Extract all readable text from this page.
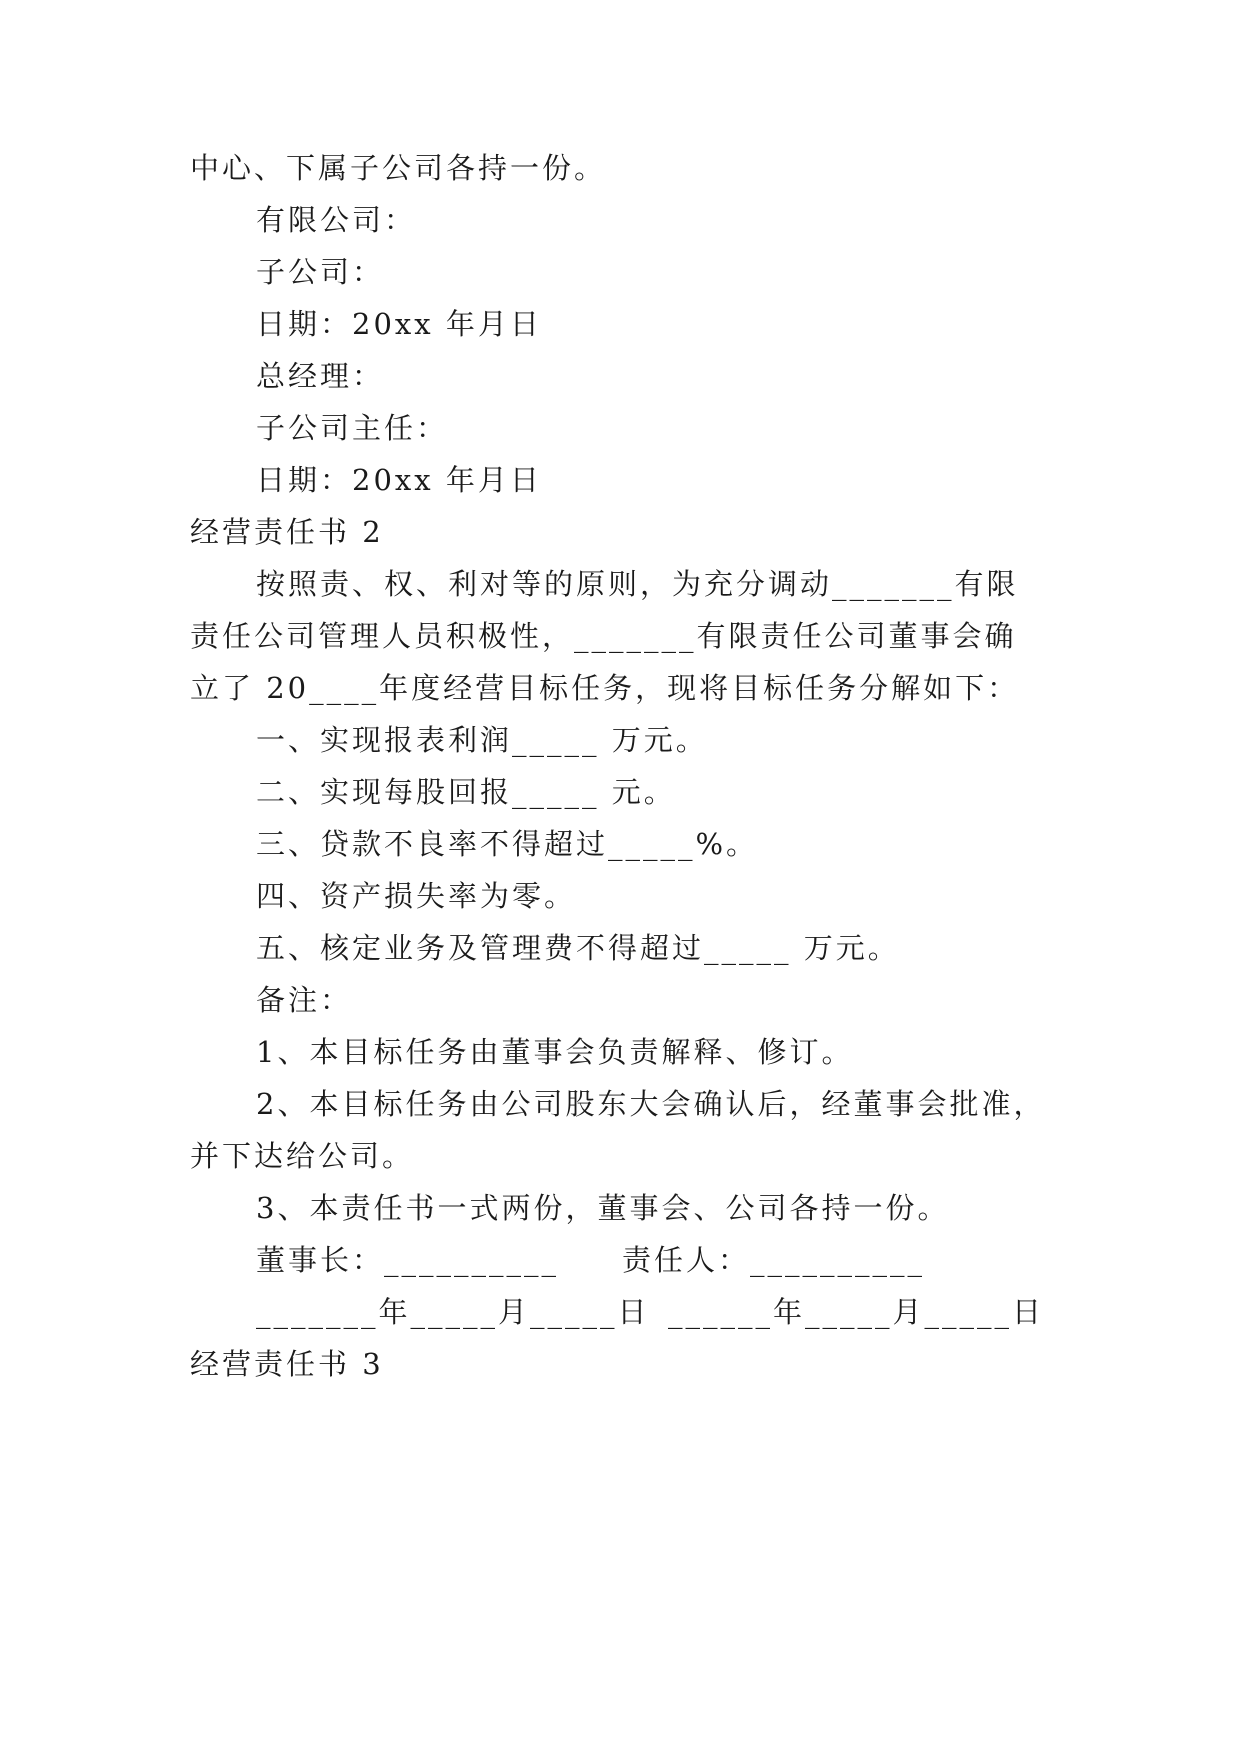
中心、下属子公司各持一份。
有限公司：
子公司：
日期：20xx 年月日
总经理：
子公司主任：
日期：20xx 年月日
经营责任书 2
按照责、权、利对等的原则，为充分调动_______有限
责任公司管理人员积极性，_______有限责任公司董事会确
立了 20____年度经营目标任务，现将目标任务分解如下：
一、实现报表利润_____ 万元。
二、实现每股回报_____ 元。
三、贷款不良率不得超过_____%。
四、资产损失率为零。
五、核定业务及管理费不得超过_____ 万元。
备注：
1、本目标任务由董事会负责解释、修订。
2、本目标任务由公司股东大会确认后，经董事会批准，
并下达给公司。
3、本责任书一式两份，董事会、公司各持一份。
董事长：__________ 责任人：__________
_______年_____月_____日 ______年_____月_____日
经营责任书 3
